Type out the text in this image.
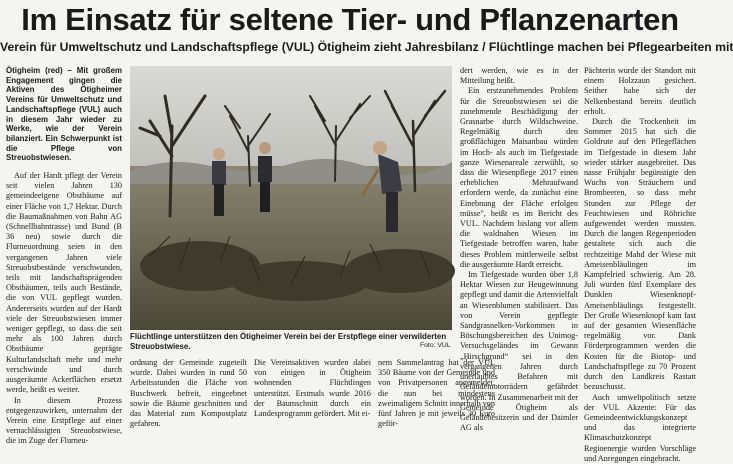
Im Einsatz für seltene Tier- und Pflanzenarten
Verein für Umweltschutz und Landschaftspflege (VUL) Ötigheim zieht Jahresbilanz / Flüchtlinge machen bei Pflegearbeiten mit

Ötigheim (red) – Mit großem Engagement gingen die Aktiven des Ötigheimer Vereins für Umweltschutz und Landschaftspflege (VUL) auch in diesem Jahr wieder zu Werke, wie der Verein bilanziert. Ein Schwerpunkt ist die Pflege von Streuobstwiesen.

Auf der Hardt pflegt der Verein seit vielen Jahren 130 gemeindeeigene Obstbäume auf einer Fläche von 1,7 Hektar. Durch die Baumaßnahmen von Bahn AG (Schnellbahntrasse) und Bund (B 36 neu) sowie durch die Flurneuordnung seien in den vergangenen Jahren viele Streuobstbestände verschwunden, teils mit landschaftsprägenden Obstbäumen, teils auch Bestände, die von VUL gepflegt wurden. Andererseits wurden auf der Hardt viele der Streuobstwiesen immer weniger gepflegt, so dass die seit mehr als 100 Jahren durch Obstbäume geprägte Kulturlandschaft mehr und mehr verschwinde und durch ausgeräumte Ackerflächen ersetzt werde, heißt es weiter.

In diesem Prozess entgegenzuwirken, unternahm der Verein eine Erstpflege auf einer vernachlässigten Streuobstwiese, die im Zuge der Flurneu-

Flüchtlinge unterstützen den Ötigheimer Verein bei der Erstpflege einer verwilderten Streuobstwiese.	Foto: VUL

ordnung der Gemeinde zugeteilt wurde. Dabei wurden in rund 50 Arbeitsstunden die Fläche von Buschwerk befreit, eingeebnet sowie die Bäume geschnitten und das Material zum Kompostplatz gefahren.

Die Vereinsaktiven wurden dabei von einigen in Ötigheim wohnenden Flüchtlingen unterstützt. Erstmals wurde 2016 der Baumschnitt durch ein Landesprogramm gefördert. Mit ei-

nem Sammelantrag hat der VUL 350 Bäume von der Gemeinde und von Privatpersonen angemeldet, die nun bei mindestens zweimaligem Schnitt innerhalb von fünf Jahren je mit jeweils 30 Euro geför-

dert werden, wie es in der Mitteilung heißt.

Ein erstzunehmendes Problem für die Streuobstwiesen sei die zunehmende Beschädigung der Grasnarbe durch Wildschweine. Regelmäßig durch den großflächigen Maisanbau würden im Hoch- als auch im Tiefgestade ganze Wiesenareale zerwühlt, so dass die Wiesenpflege 2017 einen erheblichen Mehraufwand erfordern werde, da zunächst eine Einebnung der Fläche erfolgen müsse", heißt es im Bericht des VUL. Nachdem bislang vor allem die waldnahen Wiesen im Tiefgestade betroffen waren, habe dieses Problem mittlerweile selbst die ausgeräumte Hardt erreicht.

Im Tiefgestade wurden über 1,8 Hektar Wiesen zur Heugewinnung gepflegt und damit die Artenvielfalt an Wiesenblumen stabilisiert. Das von Verein gepflegte Sandgrasnelken-Vorkommen in Böschungsbereichen des Unimog-Versuchsgeländes im Gewann „Hirschgrund“ sei in den vergangenen Jahren durch unerlaubtes Befahren mit Geländemotorrädern gefährdet worden. In Zusammenarbeit mit der Gemeinde Ötigheim als Geländebesitzerin und der Daimler AG als

Pächterin wurde der Standort mit einem Holzzaun gesichert. Seither habe sich der Nelkenbestand bereits deutlich erholt.

Durch die Trockenheit im Sommer 2015 hat sich die Goldrute auf den Pflegeflächen im Tiefgestade in diesem Jahr wieder stärker ausgebreitet. Das nasse Frühjahr begünstigte den Wuchs von Sträuchern und Brombeeren, so dass mehr Stunden zur Pflege der Feuchtwiesen und Röhrichte aufgewendet werden mussten. Durch die langen Regenperioden gestaltete sich auch die rechtzeitige Mahd der Wiese mit Ameisenbläulingen im Kampfelried schwierig. Am 28. Juli wurden fünf Exemplare des Dunklen Wiesenknopf-Ameisenbläulings festgestellt. Der Große Wiesenknopf kam fast auf der gesamten Wiesenfläche regelmäßig vor. Dank Förderprogrammen werden die Kosten für die Biotop- und Landschaftspflege zu 70 Prozent durch den Landkreis Rastatt bezuschusst.

Auch umweltpolitisch setzte der VUL Akzente: Für das Gemeindeentwicklungskonzept und das integrierte Klimaschutzkonzept Regioenergie wurden Vorschläge und Anregungen eingebracht.
